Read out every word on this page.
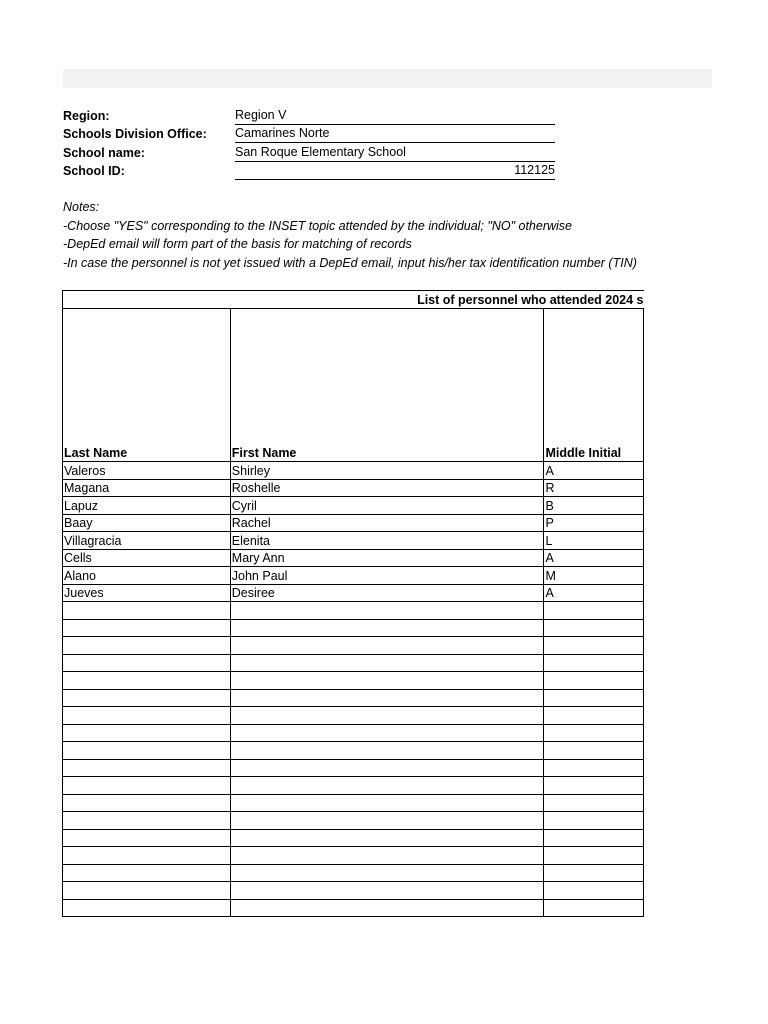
Region:	Region V
Schools Division Office:	Camarines Norte
School name:	San Roque Elementary School
School ID:	112125
Notes:
-Choose "YES" corresponding to the INSET topic attended by the individual; "NO" otherwise
-DepEd email will form part of the basis for matching of records
-In case the personnel is not yet issued with a DepEd email, input his/her tax identification number (TIN)
List of personnel who attended 2024 s		
Last Name	First Name	Middle Initial
Valeros	Shirley	A
Magana	Roshelle	R
Lapuz	Cyril	B
Baay	Rachel	P
Villagracia	Elenita	L
Cells	Mary Ann	A
Alano	John Paul	M
Jueves	Desiree	A
